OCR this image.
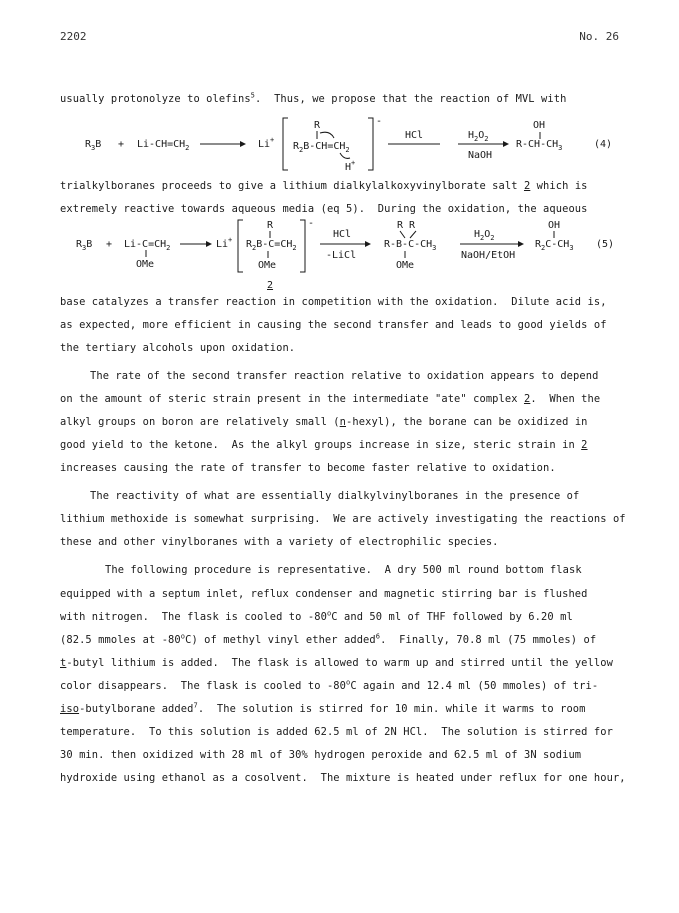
2202	No. 26
usually protonolyze to olefins$^5$.  Thus, we propose that the reaction of MVL with
$R_3B + Li-CH=CH_2$	Li+
-
R
$R_2B-CH=CH_2$
H+
HCl	$H_2O_2$
NaOH
OH
$R-CH-CH_3$	(4)
trialkylboranes proceeds to give a lithium dialkylalkoxyvinylborate salt 2 which is
extremely reactive towards aqueous media (eq 5).  During the oxidation, the aqueous
$R_3B + Li-C=CH_2$
OMe
Li+
-
R
$R_2B-C=CH_2$
OMe
2
HCl
-LiCl
R R
$R-B-C-CH_3$
OMe
$H_2O_2$
NaOH/EtOH
OH
$R_2C-CH_3$ (5)
base catalyzes a transfer reaction in competition with the oxidation.  Dilute acid is,
as expected, more efficient in causing the second transfer and leads to good yields of
the tertiary alcohols upon oxidation.
The rate of the second transfer reaction relative to oxidation appears to depend
on the amount of steric strain present in the intermediate "ate" complex 2.  When the
alkyl groups on boron are relatively small (n-hexyl), the borane can be oxidized in
good yield to the ketone.  As the alkyl groups increase in size, steric strain in 2
increases causing the rate of transfer to become faster relative to oxidation.
The reactivity of what are essentially dialkylvinylboranes in the presence of
lithium methoxide is somewhat surprising.  We are actively investigating the reactions of
these and other vinylboranes with a variety of electrophilic species.
The following procedure is representative.  A dry 500 ml round bottom flask
equipped with a septum inlet, reflux condenser and magnetic stirring bar is flushed
with nitrogen.  The flask is cooled to -80$^o$C and 50 ml of THF followed by 6.20 ml
(82.5 mmoles at -80$^o$C) of methyl vinyl ether added$^6$.  Finally, 70.8 ml (75 mmoles) of
t-butyl lithium is added.  The flask is allowed to warm up and stirred until the yellow
color disappears.  The flask is cooled to -80$^o$C again and 12.4 ml (50 mmoles) of tri-
iso-butylborane added$^7$.  The solution is stirred for 10 min. while it warms to room
temperature.  To this solution is added 62.5 ml of 2N HCl.  The solution is stirred for
30 min. then oxidized with 28 ml of 30% hydrogen peroxide and 62.5 ml of 3N sodium
hydroxide using ethanol as a cosolvent.  The mixture is heated under reflux for one hour,
